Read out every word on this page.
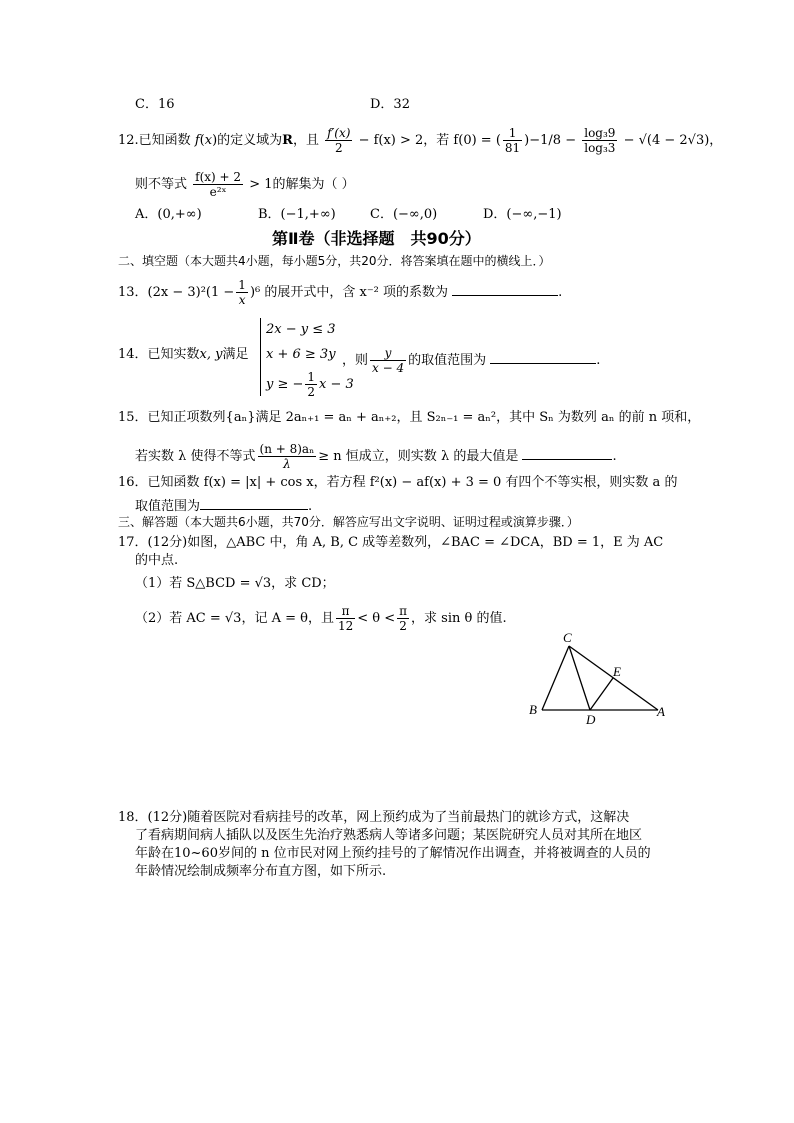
C．16	D．32
12.已知函数 f(x)的定义域为R，且 $\frac{f'(x)}{2} - f(x) > 2$，若 f(0) = ( $\frac{1}{81} )-1/8 - \frac{\text{log₃9}}{\text{log₃3}} - √(4 - 2√3)$，
则不等式 $\frac{f(x) + 2}{\text{e²ˣ}} > 1$的解集为（ ）
A．(0,+∞)	B．(−1,+∞)	C．(−∞,0)	D．(−∞,−1)
第Ⅱ卷（非选择题　共90分）
二、填空题（本大题共4小题，每小题5分，共20分．将答案填在题中的横线上．）
13．$(2x - 3)^2(1 - \frac{1}{x} )^6$ 的展开式中，含 x⁻² 项的系数为	.
14．已知实数x, y满足
2x − y ≤ 3
x + 6 ≥ 3y
y ≥ − $\frac{1}{2}$ x − 3
，则 $\frac{y}{x - 4}$ 的取值范围为	.
15．已知正项数列{aₙ}满足 2aₙ₊₁ = aₙ + aₙ₊₂，且 S₂ₙ₋₁ = aₙ²，其中 Sₙ 为数列 aₙ 的前 n 项和，
若实数 λ 使得不等式 $\frac{\text{(n + 8)aₙ}}{\lambda} \ge n$ 恒成立，则实数 λ 的最大值是	.
16．已知函数 f(x) = |x| + cos x，若方程 f²(x) − af(x) + 3 = 0 有四个不等实根，则实数 a 的
取值范围为	.
三、解答题（本大题共6小题，共70分．解答应写出文字说明、证明过程或演算步骤．）
17．(12分)如图，△ABC 中，角 A, B, C 成等差数列，∠BAC = ∠DCA，BD = 1，E 为 AC
的中点.
（1）若 S△BCD = √3，求 CD；
（2）若 AC = √3，记 A = θ，且 $\frac{\pi}{12} < \theta < \frac{\pi}{2}$ ，求 sin θ 的值.
C
E
B
D
A
18．(12分)随着医院对看病挂号的改革，网上预约成为了当前最热门的就诊方式，这解决
了看病期间病人插队以及医生先治疗熟悉病人等诸多问题；某医院研究人员对其所在地区
年龄在10~60岁间的 n 位市民对网上预约挂号的了解情况作出调查，并将被调查的人员的
年龄情况绘制成频率分布直方图，如下所示.
